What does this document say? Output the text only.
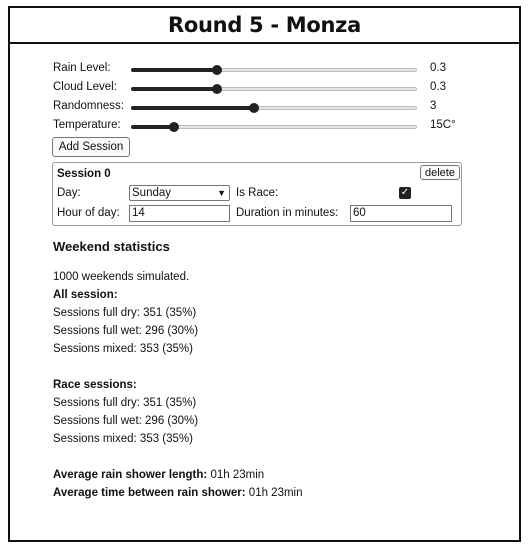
Round 5 - Monza
Rain Level:	0.3
Cloud Level:	0.3
Randomness:	3
Temperature:	15C°
Add Session
Session 0	delete
Day:	Sunday	▼ Is Race:	✓
Hour of day: 14	Duration in minutes: 60
Weekend statistics
1000 weekends simulated.
All session:
Sessions full dry: 351 (35%)
Sessions full wet: 296 (30%)
Sessions mixed: 353 (35%)
Race sessions:
Sessions full dry: 351 (35%)
Sessions full wet: 296 (30%)
Sessions mixed: 353 (35%)
Average rain shower length: 01h 23min
Average time between rain shower: 01h 23min
